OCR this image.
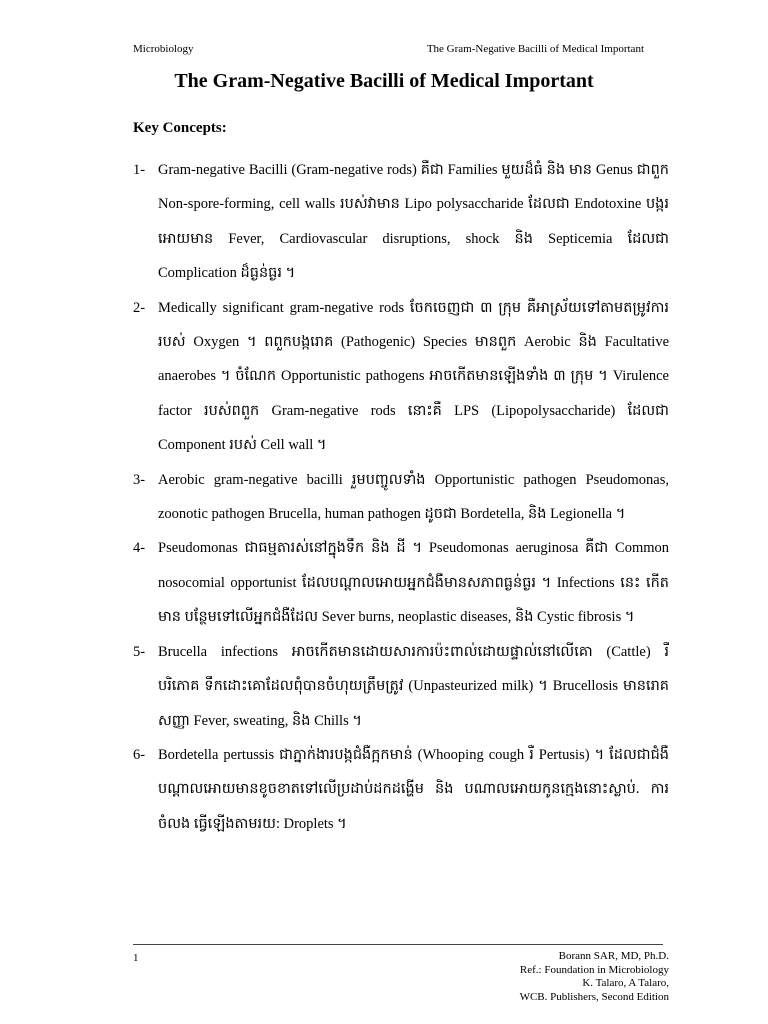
Microbiology	The Gram-Negative Bacilli of Medical Important
The Gram-Negative Bacilli of Medical Important
Key Concepts:
1- Gram-negative Bacilli (Gram-negative rods) គឺជា Families មួយដ៏ធំ និង មាន Genus ជាពួក Non-spore-forming, cell walls របស់វាមាន Lipo polysaccharide ដែលជា Endotoxine បង្ករអោយមាន Fever, Cardiovascular disruptions, shock និង Septicemia ដែលជា Complication ដ៏ធ្ងន់ធ្ងរ ។
2- Medically significant gram-negative rods ចែកចេញជា ៣ ក្រុម គឺអាស្រ័យទៅតាមតម្រូវការ របស់ Oxygen ។ ពពួកបង្ករោគ (Pathogenic) Species មានពួក Aerobic និង Facultative anaerobes ។ ចំណែក Opportunistic pathogens អាចកើតមានឡើងទាំង ៣ ក្រុម ។ Virulence factor របស់ពពួក Gram-negative rods នោះគឺ LPS (Lipopolysaccharide) ដែលជា Component របស់ Cell wall ។
3- Aerobic gram-negative bacilli រួមបញ្ចូលទាំង Opportunistic pathogen Pseudomonas, zoonotic pathogen Brucella, human pathogen ដូចជា Bordetella, និង Legionella ។
4- Pseudomonas ជាធម្មតារស់នៅក្នុងទឹក និង ដី ។ Pseudomonas aeruginosa គឺជា Common nosocomial opportunist ដែលបណ្តាលអោយអ្នកជំងឺមានសភាពធ្ងន់ធ្ងរ ។ Infections នេះ កើតមាន បន្ថែមទៅលើអ្នកជំងឺដែល Sever burns, neoplastic diseases, និង Cystic fibrosis ។
5- Brucella infections អាចកើតមានដោយសារការប៉ះពាល់ដោយផ្ទាល់នៅលើគោ (Cattle) រឺបរិភោគ ទឹកដោះគោដែលពុំបានចំហុយត្រឹមត្រូវ (Unpasteurized milk) ។ Brucellosis មានរោគសញ្ញា Fever, sweating, និង Chills ។
6- Bordetella pertussis ជាភ្នាក់ងារបង្កជំងឺក្អកមាន់ (Whooping cough រឺ Pertusis) ។ ដែលជាជំងឺ បណ្តាលអោយមានខូចខាតទៅលើប្រដាប់ដកដង្ហើម និង បណាលអោយកូនក្មេងនោះស្លាប់. ការចំលង ធ្វើឡើងតាមរយ: Droplets ។
1	Borann SAR, MD, Ph.D.
Ref.: Foundation in Microbiology
K. Talaro, A Talaro,
WCB. Publishers, Second Edition
